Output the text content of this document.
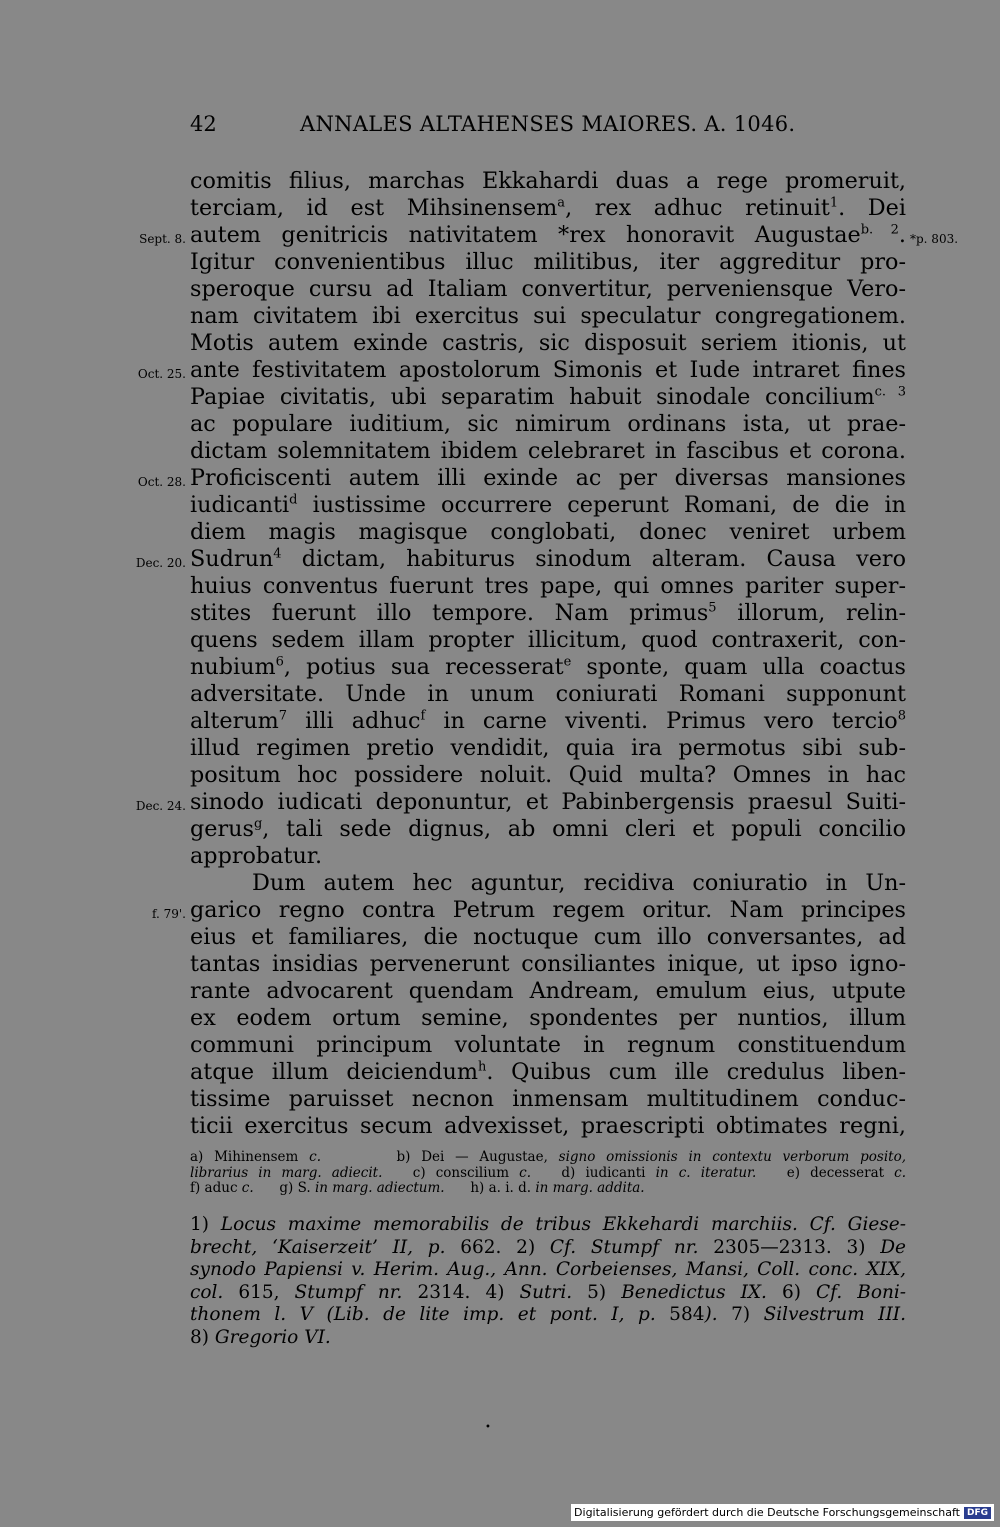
42	ANNALES ALTAHENSES MAIORES. A. 1046.
comitis filius, marchas Ekkahardi duas a rege promeruit,
terciam, id est Mihsinensem$^a$, rex adhuc retinuit$^1$. Dei
Sept. 8. autem genitricis nativitatem *rex honoravit Augustae$^{b. 2}$. *p. 803.
Igitur convenientibus illuc militibus, iter aggreditur pro-
speroque cursu ad Italiam convertitur, perveniensque Vero-
nam civitatem ibi exercitus sui speculatur congregationem.
Motis autem exinde castris, sic disposuit seriem itionis, ut
Oct. 25. ante festivitatem apostolorum Simonis et Iude intraret fines
Papiae civitatis, ubi separatim habuit sinodale concilium$^{c. 3}$
ac populare iuditium, sic nimirum ordinans ista, ut prae-
dictam solemnitatem ibidem celebraret in fascibus et corona.
Oct. 28. Proficiscenti autem illi exinde ac per diversas mansiones
iudicanti$^d$ iustissime occurrere ceperunt Romani, de die in
diem magis magisque conglobati, donec veniret urbem
Dec. 20. Sudrun$^4$ dictam, habiturus sinodum alteram. Causa vero
huius conventus fuerunt tres pape, qui omnes pariter super-
stites fuerunt illo tempore. Nam primus$^5$ illorum, relin-
quens sedem illam propter illicitum, quod contraxerit, con-
nubium$^6$, potius sua recesserat$^e$ sponte, quam ulla coactus
adversitate. Unde in unum coniurati Romani supponunt
alterum$^7$ illi adhuc$^f$ in carne viventi. Primus vero tercio$^8$
illud regimen pretio vendidit, quia ira permotus sibi sub-
positum hoc possidere noluit. Quid multa? Omnes in hac
Dec. 24. sinodo iudicati deponuntur, et Pabinbergensis praesul Suiti-
gerus$^g$, tali sede dignus, ab omni cleri et populi concilio
approbatur.
Dum autem hec aguntur, recidiva coniuratio in Un-
f. 79'. garico regno contra Petrum regem oritur. Nam principes
eius et familiares, die noctuque cum illo conversantes, ad
tantas insidias pervenerunt consiliantes inique, ut ipso igno-
rante advocarent quendam Andream, emulum eius, utpute
ex eodem ortum semine, spondentes per nuntios, illum
communi principum voluntate in regnum constituendum
atque illum deiciendum$^h$. Quibus cum ille credulus liben-
tissime paruisset necnon inmensam multitudinem conduc-
ticii exercitus secum advexisset, praescripti obtimates regni,
a) Mihinensem c.	b) Dei — Augustae, signo omissionis in contextu verborum posito,
librarius in marg. adiecit. c) conscilium c. d) iudicanti in c. iteratur. e) decesserat c.
f) aduc c. g) S. in marg. adiectum. h) a. i. d. in marg. addita.
1) Locus maxime memorabilis de tribus Ekkehardi marchiis. Cf. Giese-
brecht, ‘Kaiserzeit’ II, p. 662. 2) Cf. Stumpf nr. 2305—2313. 3) De
synodo Papiensi v. Herim. Aug., Ann. Corbeienses, Mansi, Coll. conc. XIX,
col. 615, Stumpf nr. 2314. 4) Sutri. 5) Benedictus IX. 6) Cf. Boni-
thonem l. V (Lib. de lite imp. et pont. I, p. 584). 7) Silvestrum III.
8) Gregorio VI.
•
Digitalisierung gefördert durch die Deutsche Forschungsgemeinschaft DFG
